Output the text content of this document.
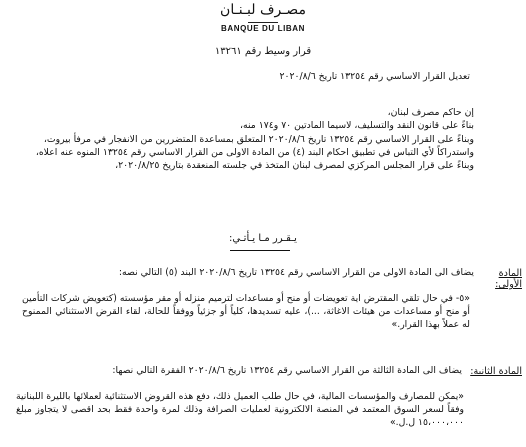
مصـرف لبـنـان
BANQUE DU LIBAN
قرار وسيط رقم ١٣٢٦١
تعديل القرار الاساسي رقم ١٣٢٥٤ تاريخ ٢٠٢٠/٨/٦

إن حاكم مصرف لبنان،

بناءً على قانون النقد والتسليف، لاسيما المادتين ٧٠ و١٧٤ منه،

وبناءً على القرار الاساسي رقم ١٣٢٥٤ تاريخ ٢٠٢٠/٨/٦ المتعلق بمساعدة المتضررين من الانفجار في مرفأ بيروت،

واستدراكاً لأي التباس في تطبيق احكام البند (٤) من المادة الاولى من القرار الاساسي رقم ١٣٢٥٤ المنوه عنه اعلاه،

وبناءً على قرار المجلس المركزي لمصرف لبنان المتخذ في جلسته المنعقدة بتاريخ ٢٠٢٠/٨/٢٥،

يـقـرر مـا يـأتـي:
المادة الأولى:
يضاف الى المادة الاولى من القرار الاساسي رقم ١٣٢٥٤ تاريخ ٢٠٢٠/٨/٦ البند (٥) التالي نصه:
«٥- في حال تلقي المقترض اية تعويضات أو منح أو مساعدات لترميم منزله أو مقر مؤسسته (كتعويض شركات التأمين أو منح أو مساعدات من هيئات الاغاثة، ...)، عليه تسديدها، كلياً أو جزئياً ووفقاً للحالة، لقاء القرض الاستثنائي الممنوح له عملاً بهذا القرار.»
المادة الثانية:
يضاف الى المادة الثالثة من القرار الاساسي رقم ١٣٢٥٤ تاريخ ٢٠٢٠/٨/٦ الفقرة التالي نصها:
«يمكن للمصارف والمؤسسات المالية، في حال طلب العميل ذلك، دفع هذه القروض الاستثنائية لعملائها بالليرة اللبنانية وفقاً لسعر السوق المعتمد في المنصة الالكترونية لعمليات الصرافة وذلك لمرة واحدة فقط بحد اقصى لا يتجاوز مبلغ ١٥،٠٠٠،٠٠٠ ل.ل.»
